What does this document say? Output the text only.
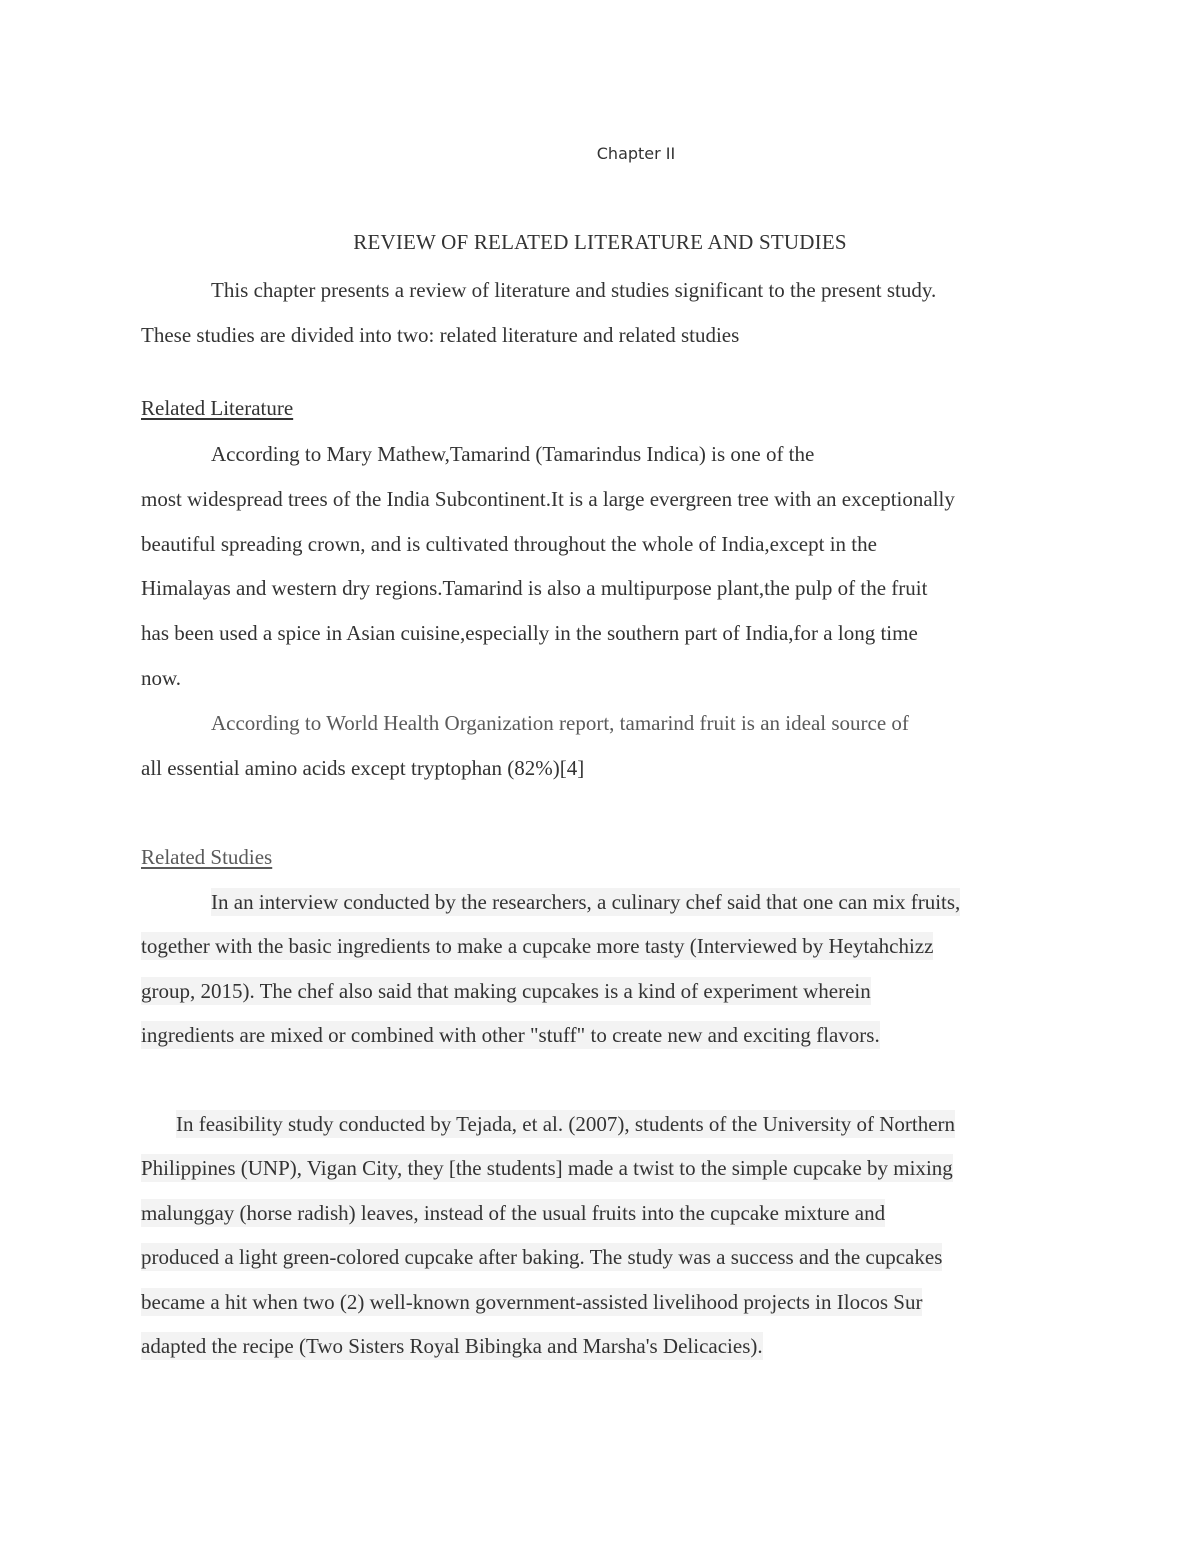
Chapter II
REVIEW OF RELATED LITERATURE AND STUDIES
This chapter presents a review of literature and studies significant to the present study.
These studies are divided into two: related literature and related studies
Related Literature
According to Mary Mathew,Tamarind (Tamarindus Indica) is one of the
most widespread trees of the India Subcontinent.It is a large evergreen tree with an exceptionally
beautiful spreading crown, and is cultivated throughout the whole of India,except in the
Himalayas and western dry regions.Tamarind is also a multipurpose plant,the pulp of the fruit
has been used a spice in Asian cuisine,especially in the southern part of India,for a long time
now.
According to World Health Organization report, tamarind fruit is an ideal source of
all essential amino acids except tryptophan (82%)[4]
Related Studies
In an interview conducted by the researchers, a culinary chef said that one can mix fruits,
together with the basic ingredients to make a cupcake more tasty (Interviewed by Heytahchizz
group, 2015). The chef also said that making cupcakes is a kind of experiment wherein
ingredients are mixed or combined with other "stuff" to create new and exciting flavors.
In feasibility study conducted by Tejada, et al. (2007), students of the University of Northern
Philippines (UNP), Vigan City, they [the students] made a twist to the simple cupcake by mixing
malunggay (horse radish) leaves, instead of the usual fruits into the cupcake mixture and
produced a light green-colored cupcake after baking. The study was a success and the cupcakes
became a hit when two (2) well-known government-assisted livelihood projects in Ilocos Sur
adapted the recipe (Two Sisters Royal Bibingka and Marsha's Delicacies).
